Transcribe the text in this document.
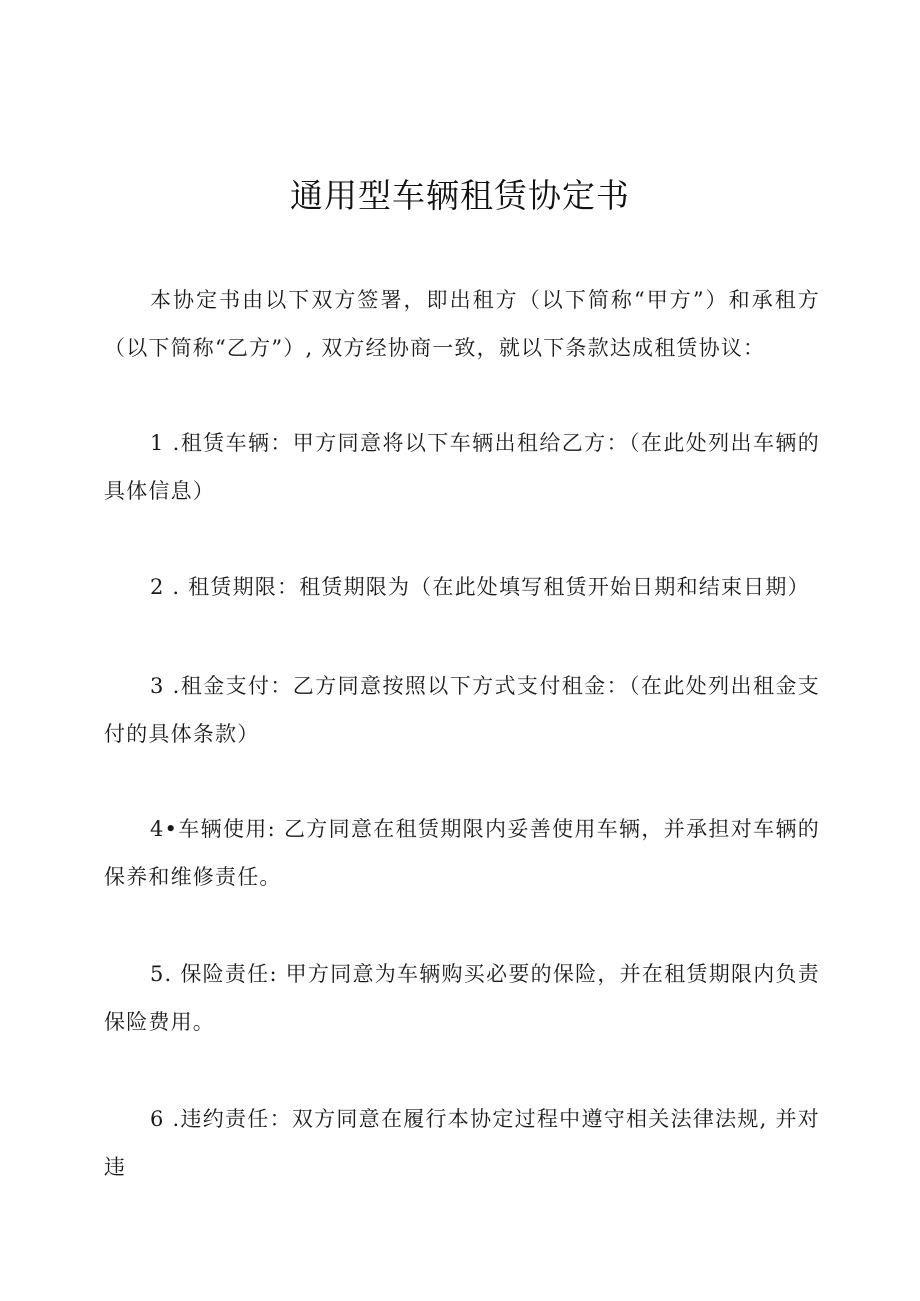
通用型车辆租赁协定书

本协定书由以下双方签署，即出租方（以下简称“甲方”）和承租方（以下简称“乙方”）, 双方经协商一致，就以下条款达成租赁协议：

1 .租赁车辆：甲方同意将以下车辆出租给乙方：（在此处列出车辆的具体信息）

2 . 租赁期限：租赁期限为（在此处填写租赁开始日期和结束日期）

3 .租金支付：乙方同意按照以下方式支付租金：（在此处列出租金支付的具体条款）

4•车辆使用: 乙方同意在租赁期限内妥善使用车辆，并承担对车辆的保养和维修责任。

5. 保险责任: 甲方同意为车辆购买必要的保险，并在租赁期限内负责保险费用。

6 .违约责任：双方同意在履行本协定过程中遵守相关法律法规, 并对违
